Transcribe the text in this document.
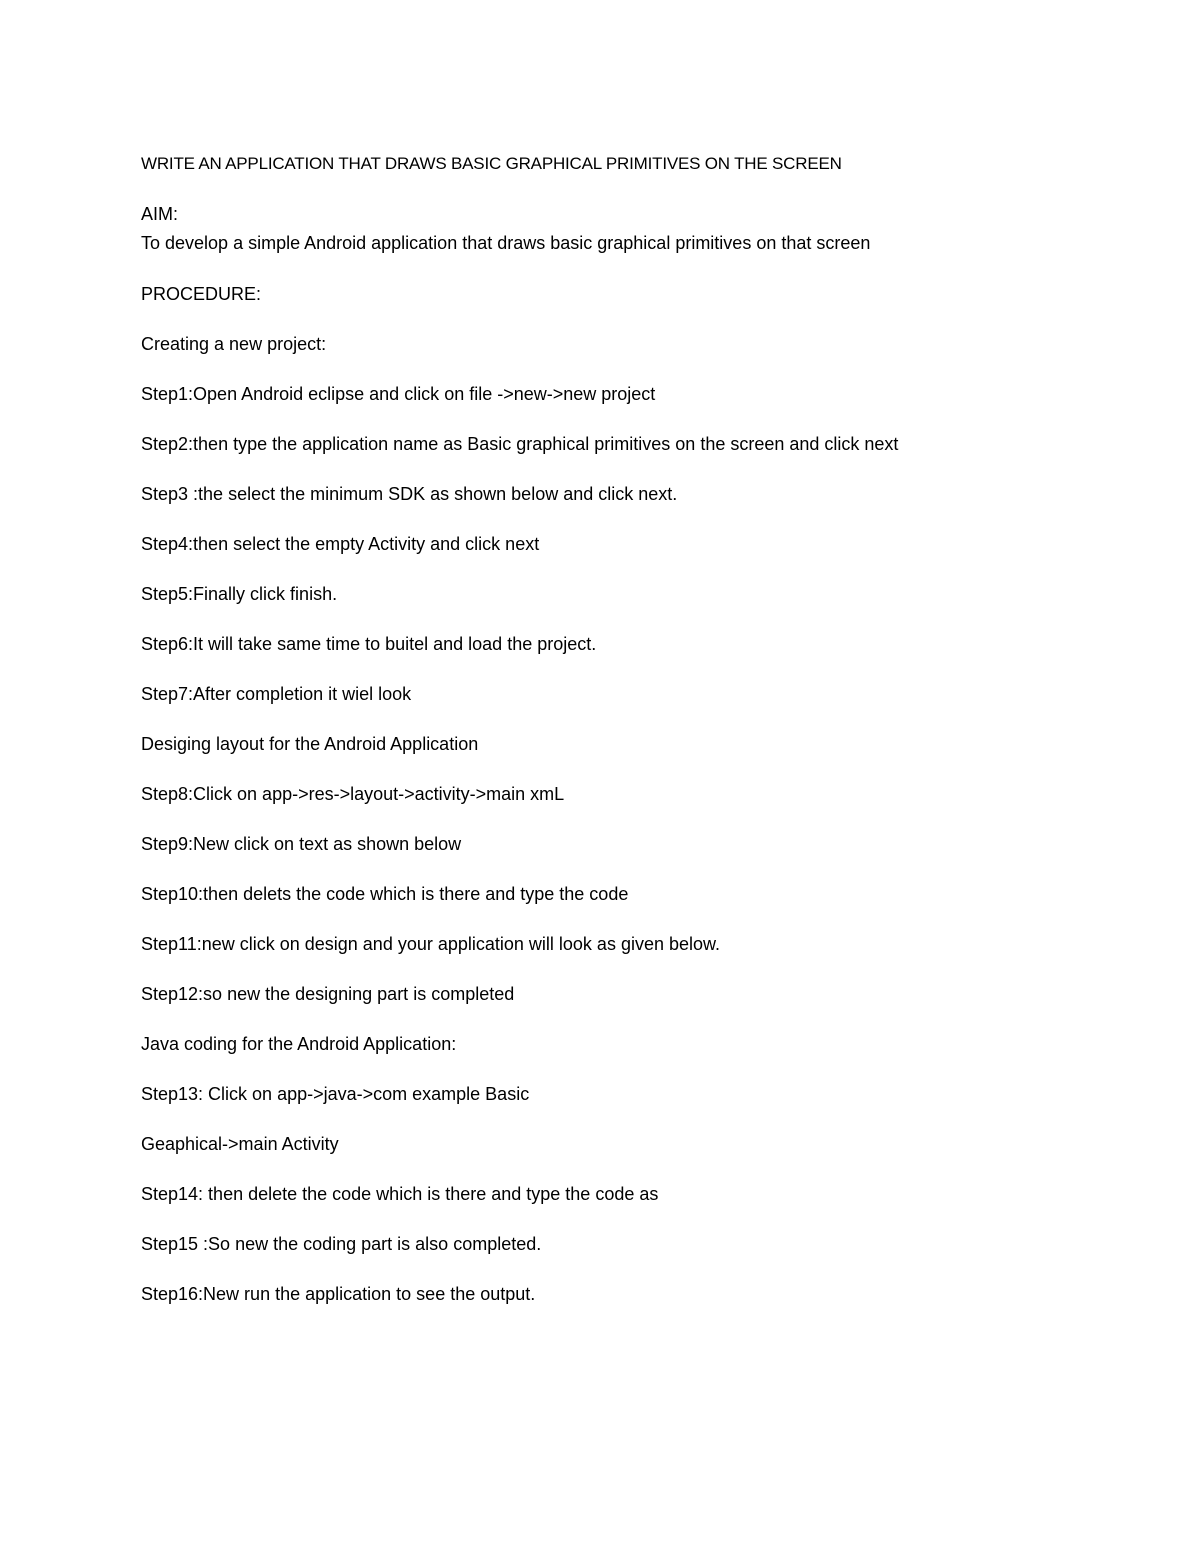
WRITE AN APPLICATION THAT DRAWS BASIC GRAPHICAL PRIMITIVES ON THE SCREEN

AIM:

To develop a simple Android application that draws basic graphical primitives on that screen

PROCEDURE:

Creating a new project:

Step1:Open Android eclipse and click on file ->new->new project

Step2:then type the application name as Basic graphical primitives on the screen and click next

Step3 :the select the minimum SDK as shown below and click next.

Step4:then select the empty Activity and click next

Step5:Finally click finish.

Step6:It will take same time to buitel and load the project.

Step7:After completion it wiel look

Desiging layout for the Android Application

Step8:Click on app->res->layout->activity->main xmL

Step9:New click on text as shown below

Step10:then delets the code which is there and type the code

Step11:new click on design and your application will look as given below.

Step12:so new the designing part is completed

Java coding for the Android Application:

Step13: Click on app->java->com example Basic

Geaphical->main Activity

Step14: then delete the code which is there and type the code as

Step15 :So new the coding part is also completed.

Step16:New run the application to see the output.
